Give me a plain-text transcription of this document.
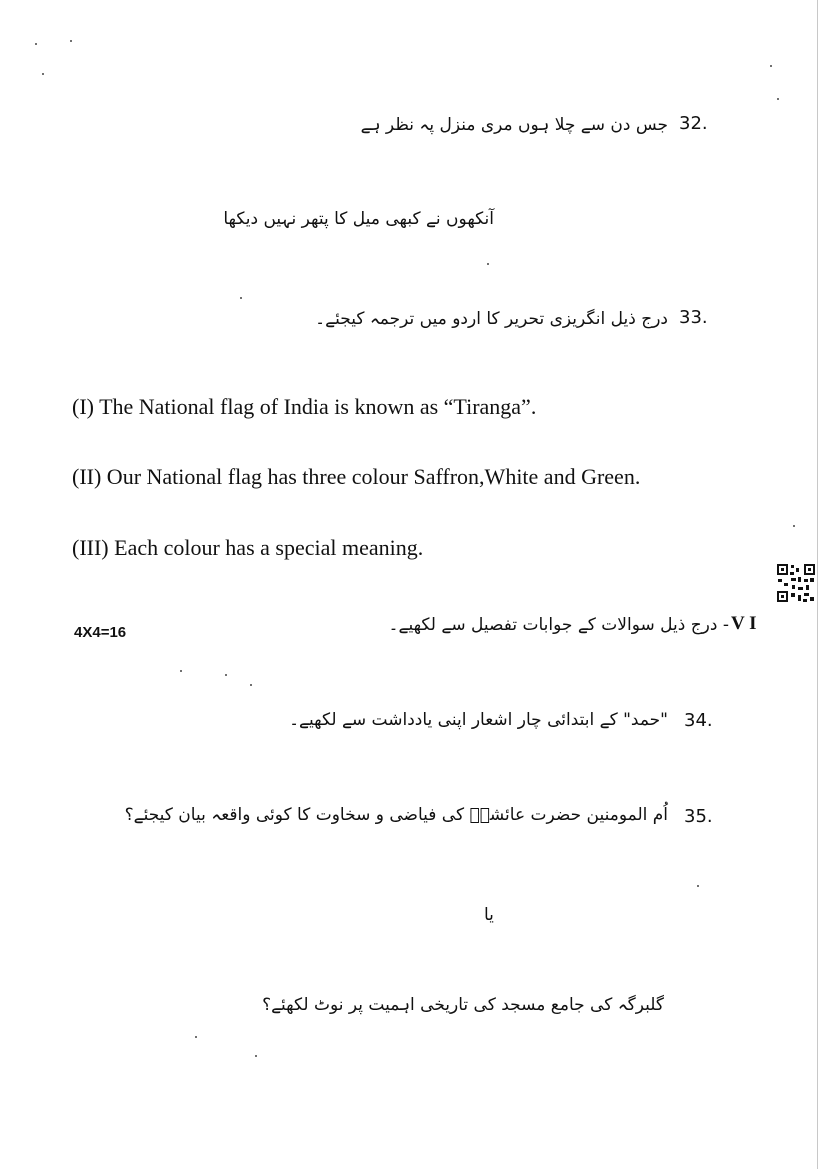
32.
جس دن سے چلا ہوں مری منزل پہ نظر ہے
آنکھوں نے کبھی میل کا پتھر نہیں دیکھا
33.
درج ذیل انگریزی تحریر کا اردو میں ترجمہ کیجئے۔
(I) The National flag of India is known as “Tiranga”.
(II) Our National flag has three colour Saffron,White and Green.
(III) Each colour has a special meaning.
V I
- درج ذیل سوالات کے جوابات تفصیل سے لکھیے۔
4X4=16
34.
"حمد" کے ابتدائی چار اشعار اپنی یادداشت سے لکھیے۔
35.
اُم المومنین حضرت عائشہؓ کی فیاضی و سخاوت کا کوئی واقعہ بیان کیجئے؟
یا
گلبرگہ کی جامع مسجد کی تاریخی اہمیت پر نوٹ لکھئے؟
